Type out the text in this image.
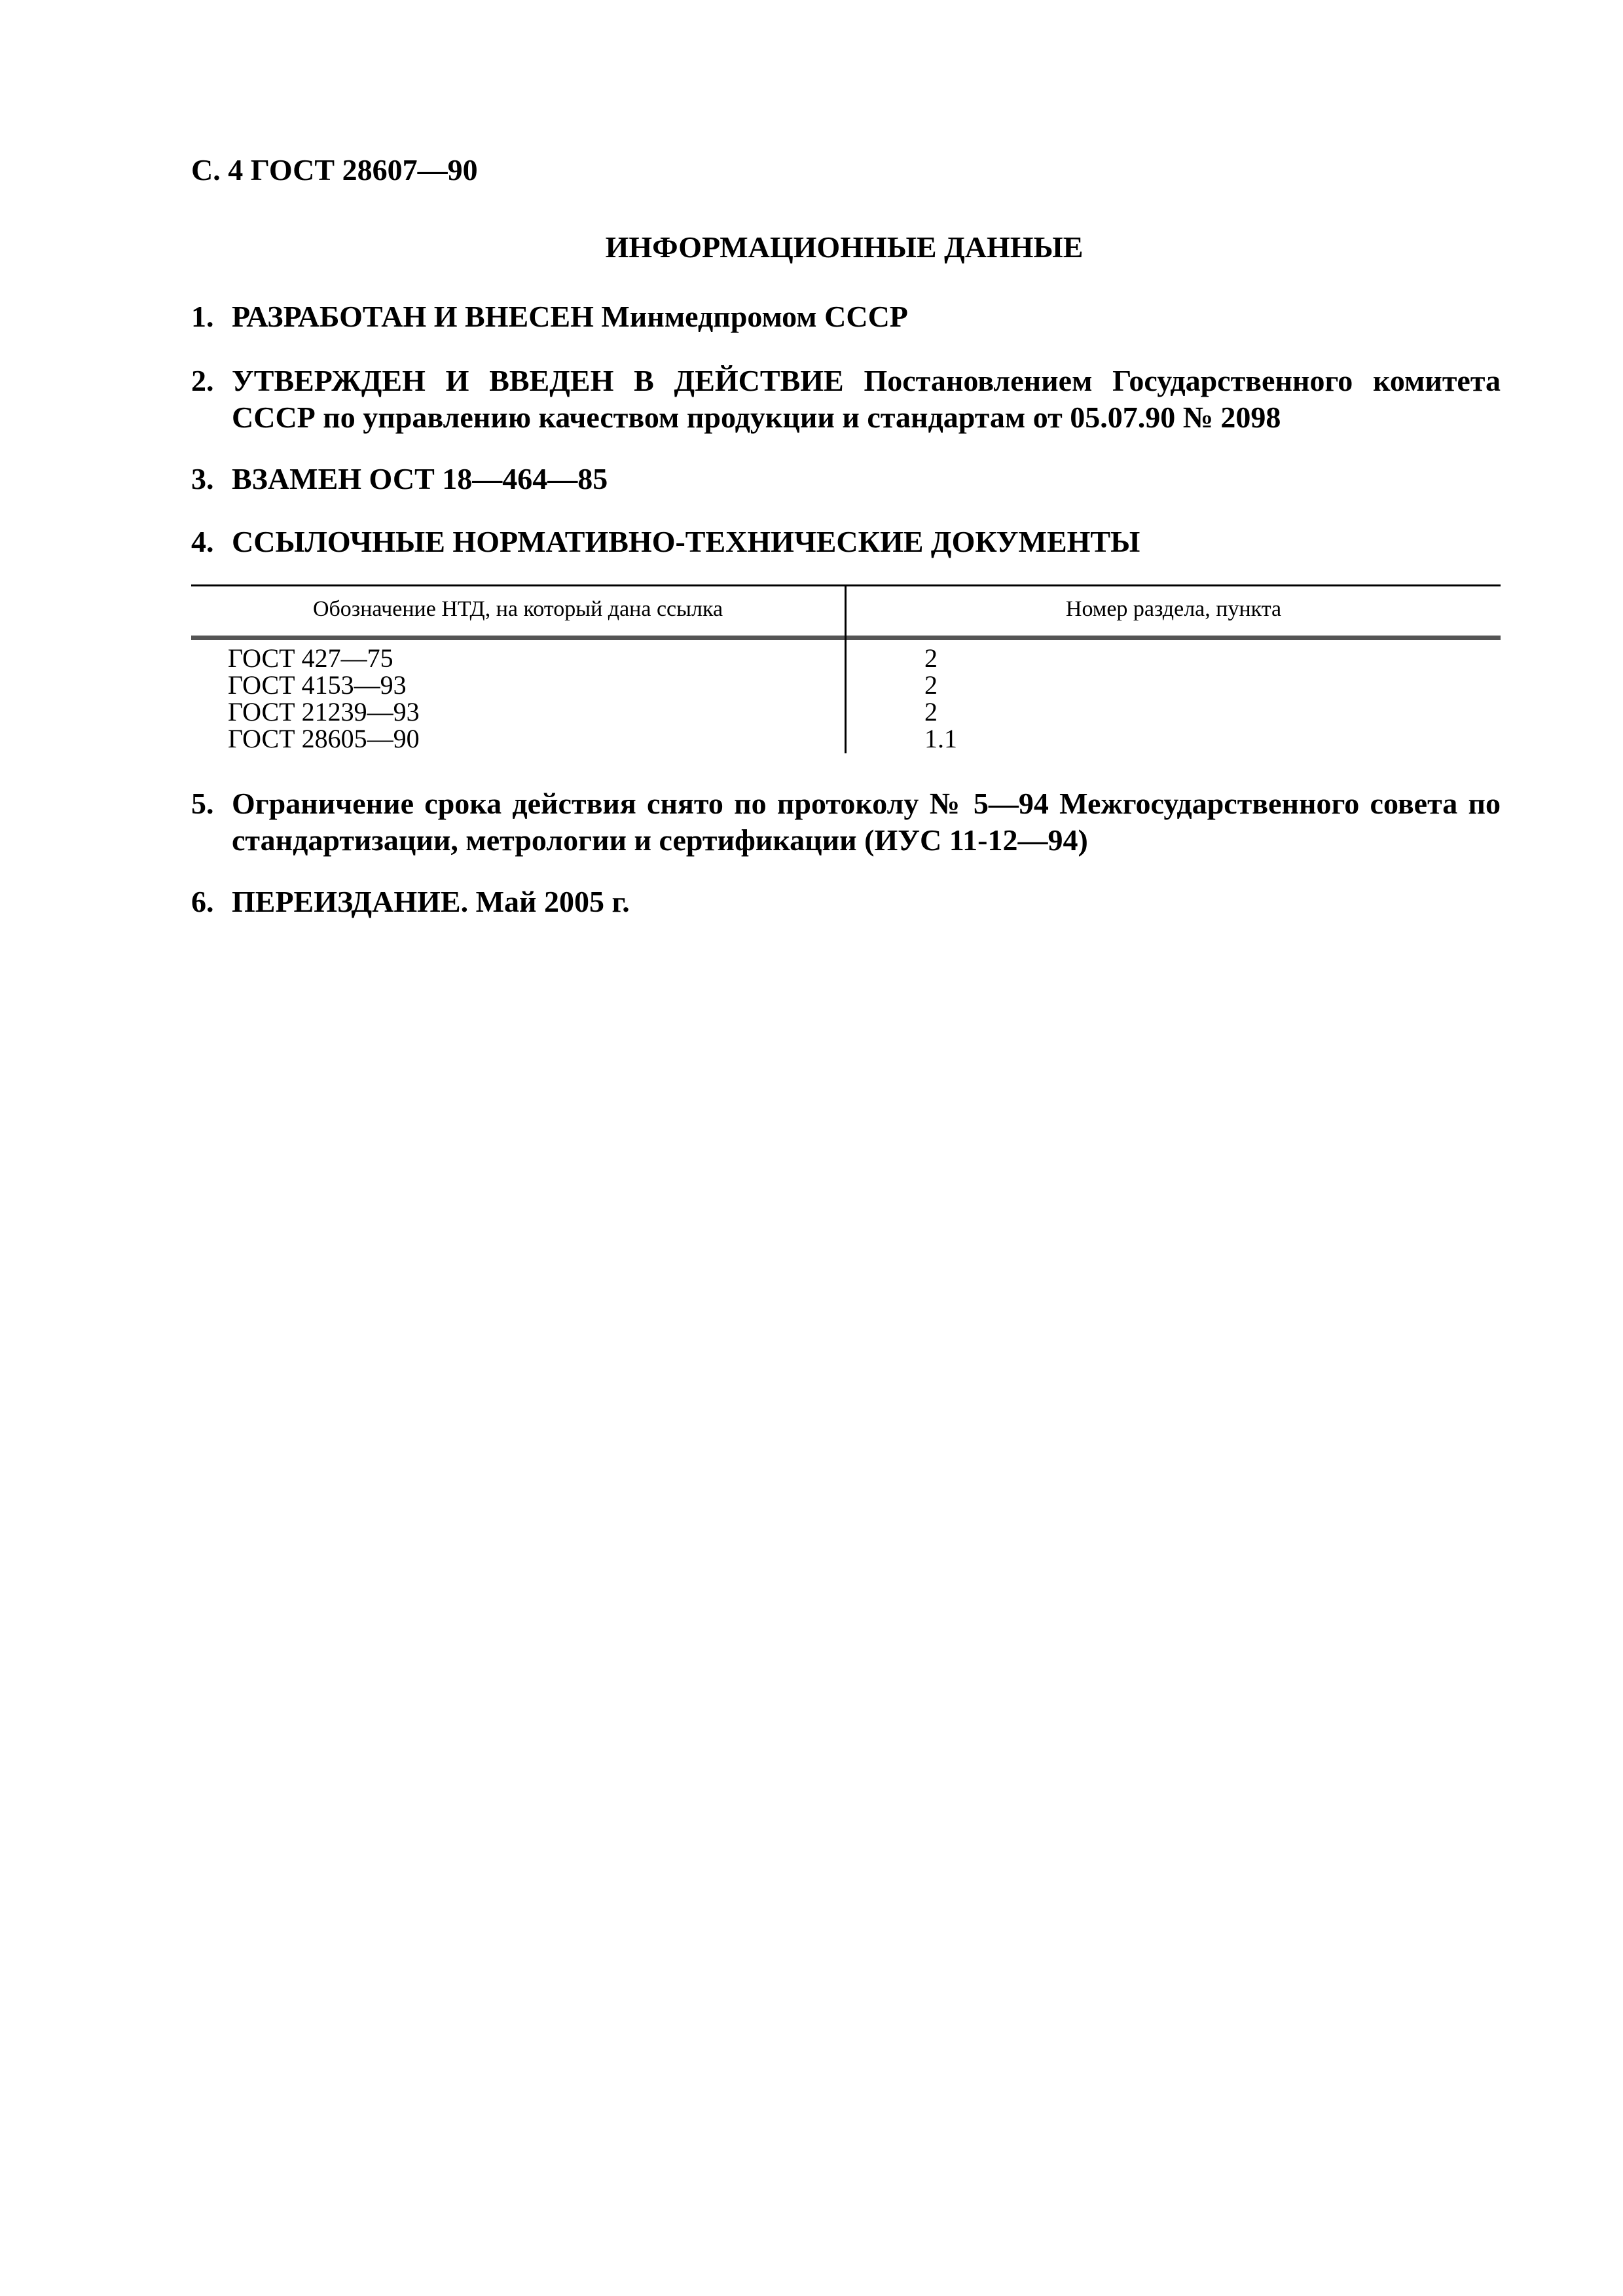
С. 4 ГОСТ 28607—90
ИНФОРМАЦИОННЫЕ ДАННЫЕ
1. РАЗРАБОТАН И ВНЕСЕН Минмедпромом СССР
2. УТВЕРЖДЕН И ВВЕДЕН В ДЕЙСТВИЕ Постановлением Государственного комитета СССР по управлению качеством продукции и стандартам от 05.07.90 № 2098
3. ВЗАМЕН ОСТ 18—464—85
4. ССЫЛОЧНЫЕ НОРМАТИВНО-ТЕХНИЧЕСКИЕ ДОКУМЕНТЫ
Обозначение НТД, на который дана ссылка	Номер раздела, пункта
ГОСТ 427—75
ГОСТ 4153—93
ГОСТ 21239—93
ГОСТ 28605—90
2
2
2
1.1
5. Ограничение срока действия снято по протоколу № 5—94 Межгосударственного совета по стандартизации, метрологии и сертификации (ИУС 11-12—94)
6. ПЕРЕИЗДАНИЕ. Май 2005 г.
